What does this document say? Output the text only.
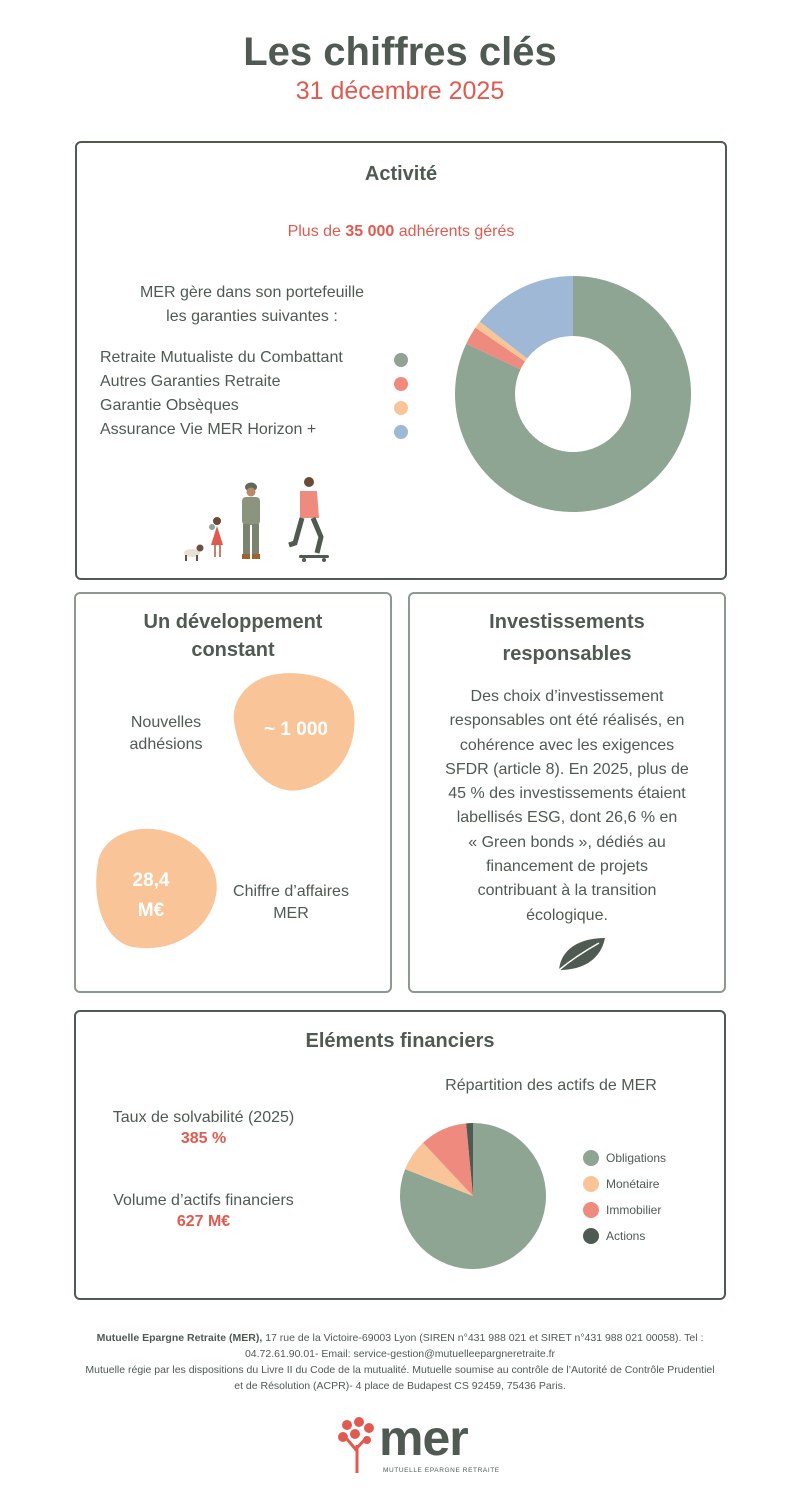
Les chiffres clés
31 décembre 2025
Activité
Plus de 35 000 adhérents gérés
MER gère dans son portefeuille
les garanties suivantes :
Retraite Mutualiste du Combattant
Autres Garanties Retraite
Garantie Obsèques
Assurance Vie MER Horizon +
Un développement
constant
Nouvelles
adhésions
~ 1 000
28,4
M€
Chiffre d’affaires
MER
Investissements
responsables
Des choix d’investissement
responsables ont été réalisés, en
cohérence avec les exigences
SFDR (article 8). En 2025, plus de
45 % des investissements étaient
labellisés ESG, dont 26,6 % en
« Green bonds », dédiés au
financement de projets
contribuant à la transition
écologique.
Eléments financiers
Répartition des actifs de MER
Taux de solvabilité (2025)
385 %
Volume d’actifs financiers
627 M€
Obligations
Monétaire
Immobilier
Actions
Mutuelle Epargne Retraite (MER), 17 rue de la Victoire-69003 Lyon (SIREN n°431 988 021 et SIRET n°431 988 021 00058). Tel : 04.72.61.90.01- Email: service-gestion@mutuelleepargneretraite.fr
Mutuelle régie par les dispositions du Livre II du Code de la mutualité. Mutuelle soumise au contrôle de l’Autorité de Contrôle Prudentiel et de Résolution (ACPR)- 4 place de Budapest CS 92459, 75436 Paris.
mer
MUTUELLE EPARGNE RETRAITE
